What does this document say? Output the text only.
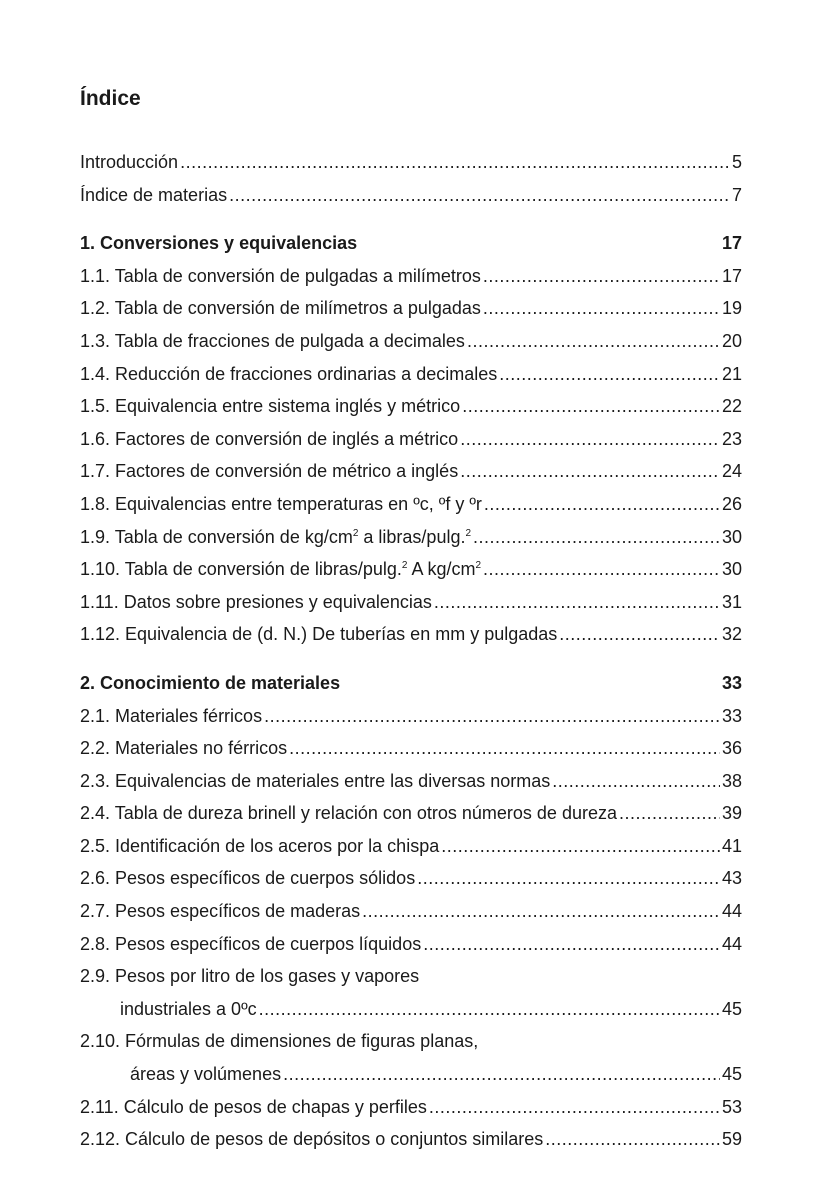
Índice
Introducción .....	5
Índice de materias .....	7
1. Conversiones y equivalencias	17
1.1. Tabla de conversión de pulgadas a milímetros .....	17
1.2. Tabla de conversión de milímetros a pulgadas .....	19
1.3. Tabla de fracciones de pulgada a decimales .....	20
1.4. Reducción de fracciones ordinarias a decimales .....	21
1.5. Equivalencia entre sistema inglés y métrico .....	22
1.6. Factores de conversión de inglés a métrico .....	23
1.7. Factores de conversión de métrico a inglés .....	24
1.8. Equivalencias entre temperaturas en ºc, ºf y ºr .....	26
1.9. Tabla de conversión de $kg/cm^2$ a libras/pulg.$^2$ .....	30
1.10. Tabla de conversión de libras/pulg.$^2$ A $kg/cm^2$ .....	30
1.11. Datos sobre presiones y equivalencias .....	31
1.12. Equivalencia de (d. N.) De tuberías en mm y pulgadas .....	32
2. Conocimiento de materiales	33
2.1. Materiales férricos .....	33
2.2. Materiales no férricos .....	36
2.3. Equivalencias de materiales entre las diversas normas .....	38
2.4. Tabla de dureza brinell y relación con otros números de dureza .....	39
2.5. Identificación de los aceros por la chispa .....	41
2.6. Pesos específicos de cuerpos sólidos .....	43
2.7. Pesos específicos de maderas .....	44
2.8. Pesos específicos de cuerpos líquidos .....	44
2.9. Pesos por litro de los gases y vapores
industriales a 0ºc .....	45
2.10. Fórmulas de dimensiones de figuras planas,
áreas y volúmenes .....	45
2.11. Cálculo de pesos de chapas y perfiles .....	53
2.12. Cálculo de pesos de depósitos o conjuntos similares .....	59
